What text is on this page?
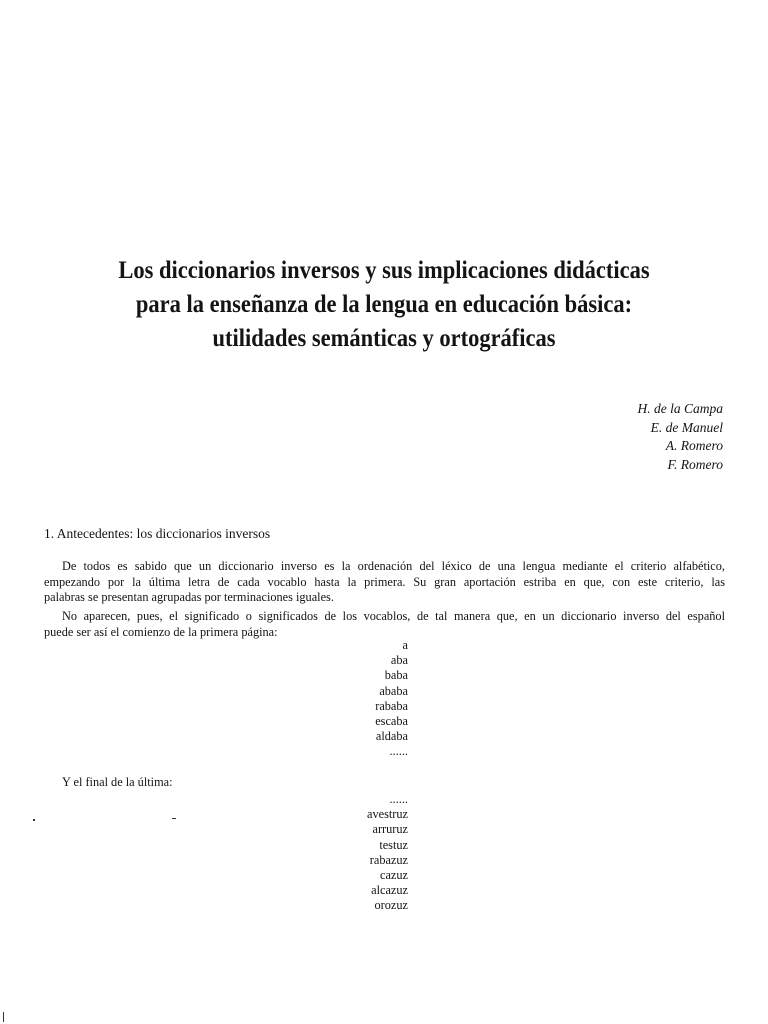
Los diccionarios inversos y sus implicaciones didácticas
para la enseñanza de la lengua en educación básica:
utilidades semánticas y ortográficas
H. de la Campa
E. de Manuel
A. Romero
F. Romero
1. Antecedentes: los diccionarios inversos

De todos es sabido que un diccionario inverso es la ordenación del léxico de una lengua mediante el criterio alfabético,
empezando por la última letra de cada vocablo hasta la primera. Su gran aportación estriba en que, con este criterio, las
palabras se presentan agrupadas por terminaciones iguales.

No aparecen, pues, el significado o significados de los vocablos, de tal manera que, en un diccionario inverso del español
puede ser así el comienzo de la primera página:

a
aba
baba
ababa
rababa
escaba
aldaba
......
Y el final de la última:
......
avestruz
arruruz
testuz
rabazuz
cazuz
alcazuz
orozuz
